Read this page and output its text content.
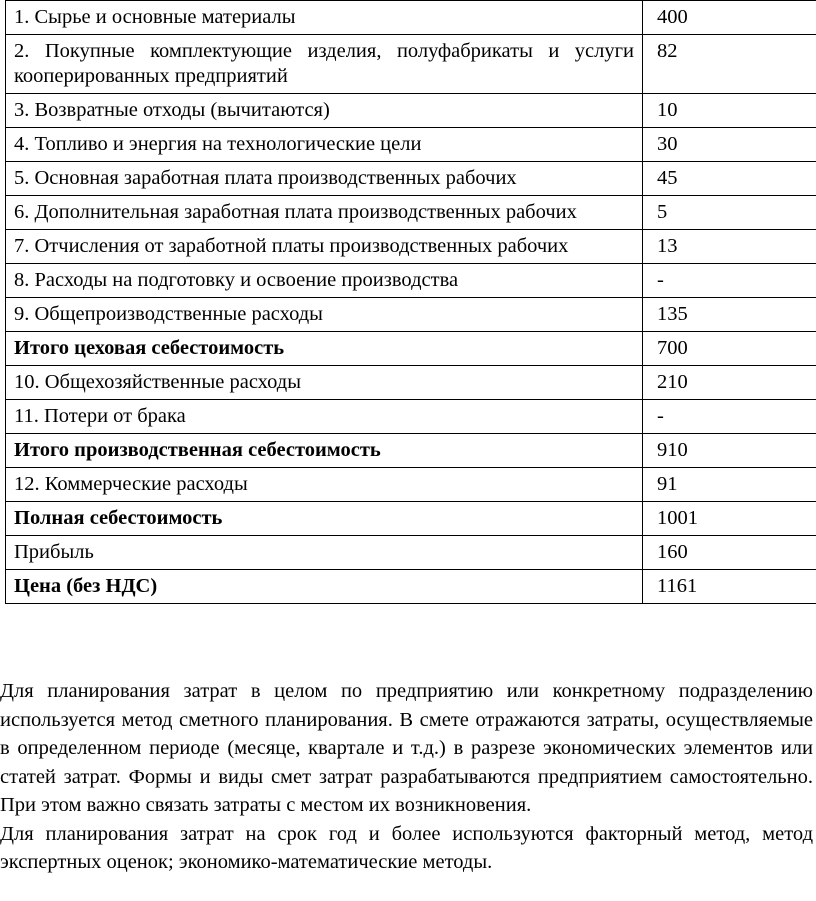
1. Сырье и основные материалы	400
2. Покупные комплектующие изделия, полуфабрикаты и услуги кооперированных предприятий	82
3. Возвратные отходы (вычитаются)	10
4. Топливо и энергия на технологические цели	30
5. Основная заработная плата производственных рабочих	45
6. Дополнительная заработная плата производственных рабочих	5
7. Отчисления от заработной платы производственных рабочих	13
8. Расходы на подготовку и освоение производства	-
9. Общепроизводственные расходы	135
Итого цеховая себестоимость	700
10. Общехозяйственные расходы	210
11. Потери от брака	-
Итого производственная себестоимость	910
12. Коммерческие расходы	91
Полная себестоимость	1001
Прибыль	160
Цена (без НДС)	1161

Для планирования затрат в целом по предприятию или конкретному подразделению используется метод сметного планирования. В смете отражаются затраты, осуществляемые в определенном периоде (месяце, квартале и т.д.) в разрезе экономических элементов или статей затрат. Формы и виды смет затрат разрабатываются предприятием самостоятельно. При этом важно связать затраты с местом их возникновения.

Для планирования затрат на срок год и более используются факторный метод, метод экспертных оценок; экономико-математические методы.
